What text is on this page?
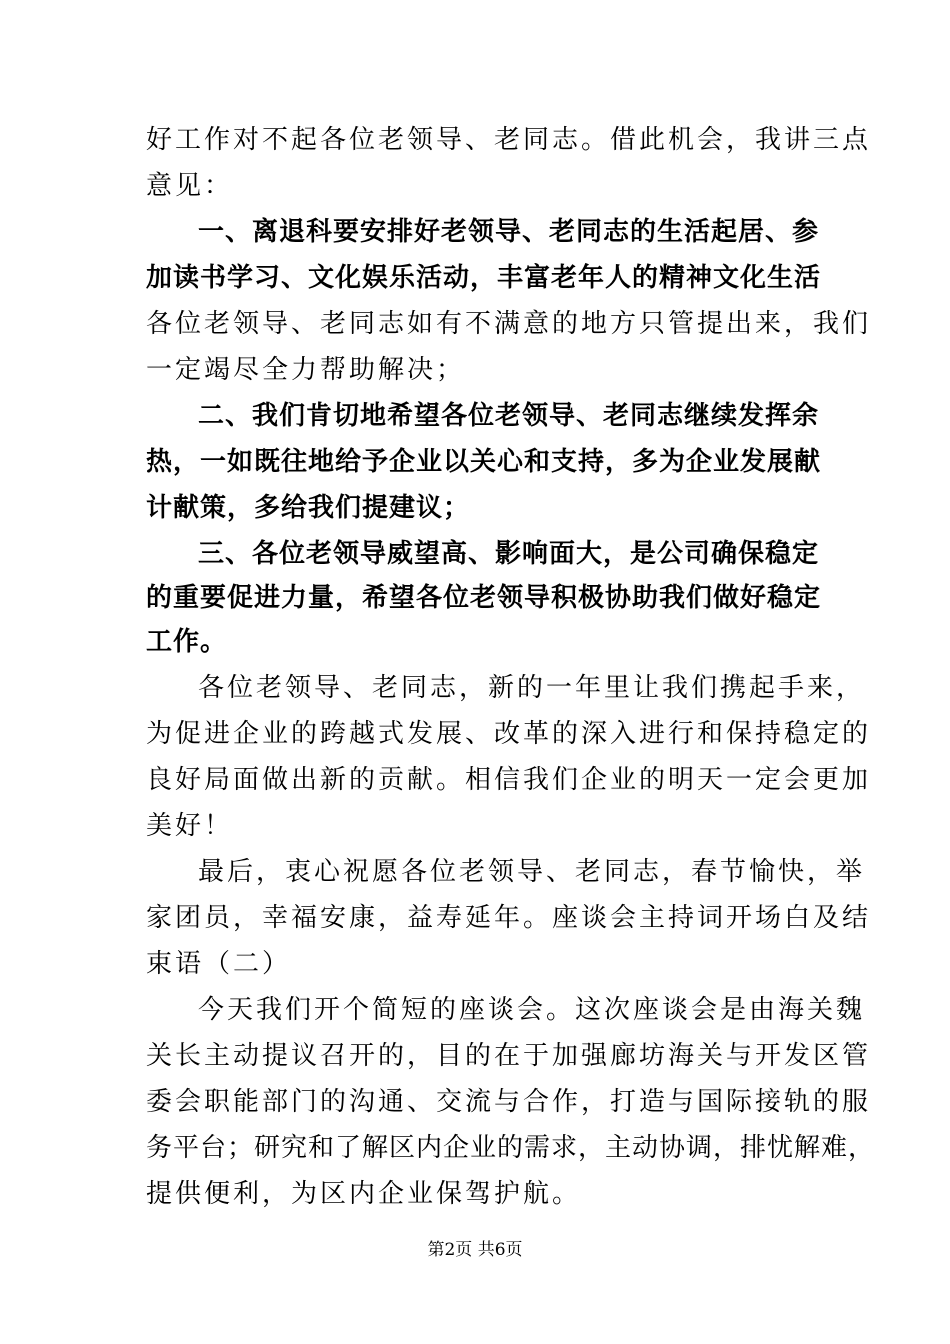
好工作对不起各位老领导、老同志。借此机会，我讲三点
意见：
一、离退科要安排好老领导、老同志的生活起居、参
加读书学习、文化娱乐活动，丰富老年人的精神文化生活
各位老领导、老同志如有不满意的地方只管提出来，我们
一定竭尽全力帮助解决；
二、我们肯切地希望各位老领导、老同志继续发挥余
热，一如既往地给予企业以关心和支持，多为企业发展献
计献策，多给我们提建议；
三、各位老领导威望高、影响面大，是公司确保稳定
的重要促进力量，希望各位老领导积极协助我们做好稳定
工作。
各位老领导、老同志，新的一年里让我们携起手来，
为促进企业的跨越式发展、改革的深入进行和保持稳定的
良好局面做出新的贡献。相信我们企业的明天一定会更加
美好！
最后，衷心祝愿各位老领导、老同志，春节愉快，举
家团员，幸福安康，益寿延年。座谈会主持词开场白及结
束语（二）
今天我们开个简短的座谈会。这次座谈会是由海关魏
关长主动提议召开的，目的在于加强廊坊海关与开发区管
委会职能部门的沟通、交流与合作，打造与国际接轨的服
务平台；研究和了解区内企业的需求，主动协调，排忧解难，
提供便利，为区内企业保驾护航。
第2页 共6页
